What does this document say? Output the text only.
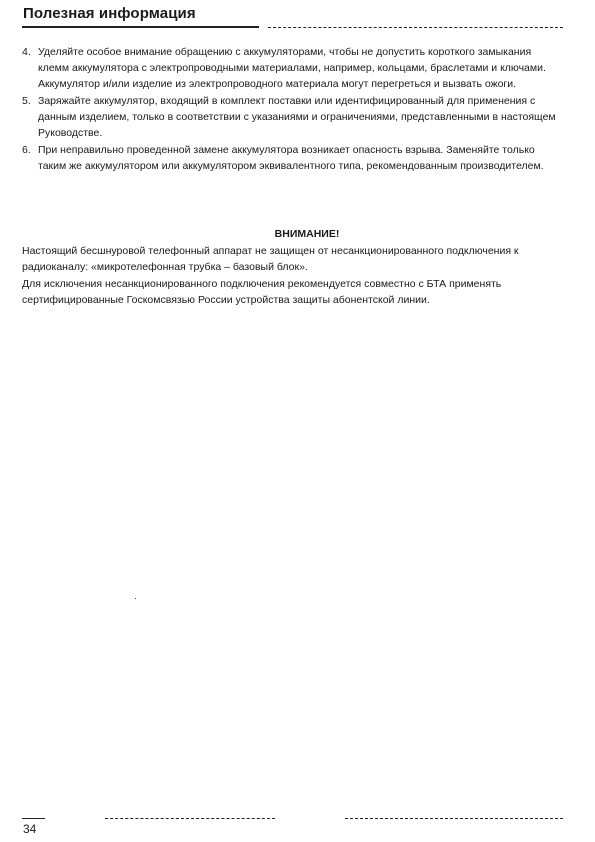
Полезная информация
4. Уделяйте особое внимание обращению с аккумуляторами, чтобы не допустить короткого замыкания клемм аккумулятора с электропроводными материалами, например, кольцами, браслетами и ключами. Аккумулятор и/или изделие из электропроводного материала могут перегреться и вызвать ожоги.
5. Заряжайте аккумулятор, входящий в комплект поставки или идентифицированный для применения с данным изделием, только в соответствии с указаниями и ограничениями, представленными в настоящем Руководстве.
6. При неправильно проведенной замене аккумулятора возникает опасность взрыва. Заменяйте только таким же аккумулятором или аккумулятором эквивалентного типа, рекомендованным производителем.

ВНИМАНИЕ!

Настоящий бесшнуровой телефонный аппарат не защищен от несанкционированного подключения к радиоканалу: «микротелефонная трубка – базовый блок».

Для исключения несанкционированного подключения рекомендуется совместно с БТА применять сертифицированные Госкомсвязью России устройства защиты абонентской линии.

34
